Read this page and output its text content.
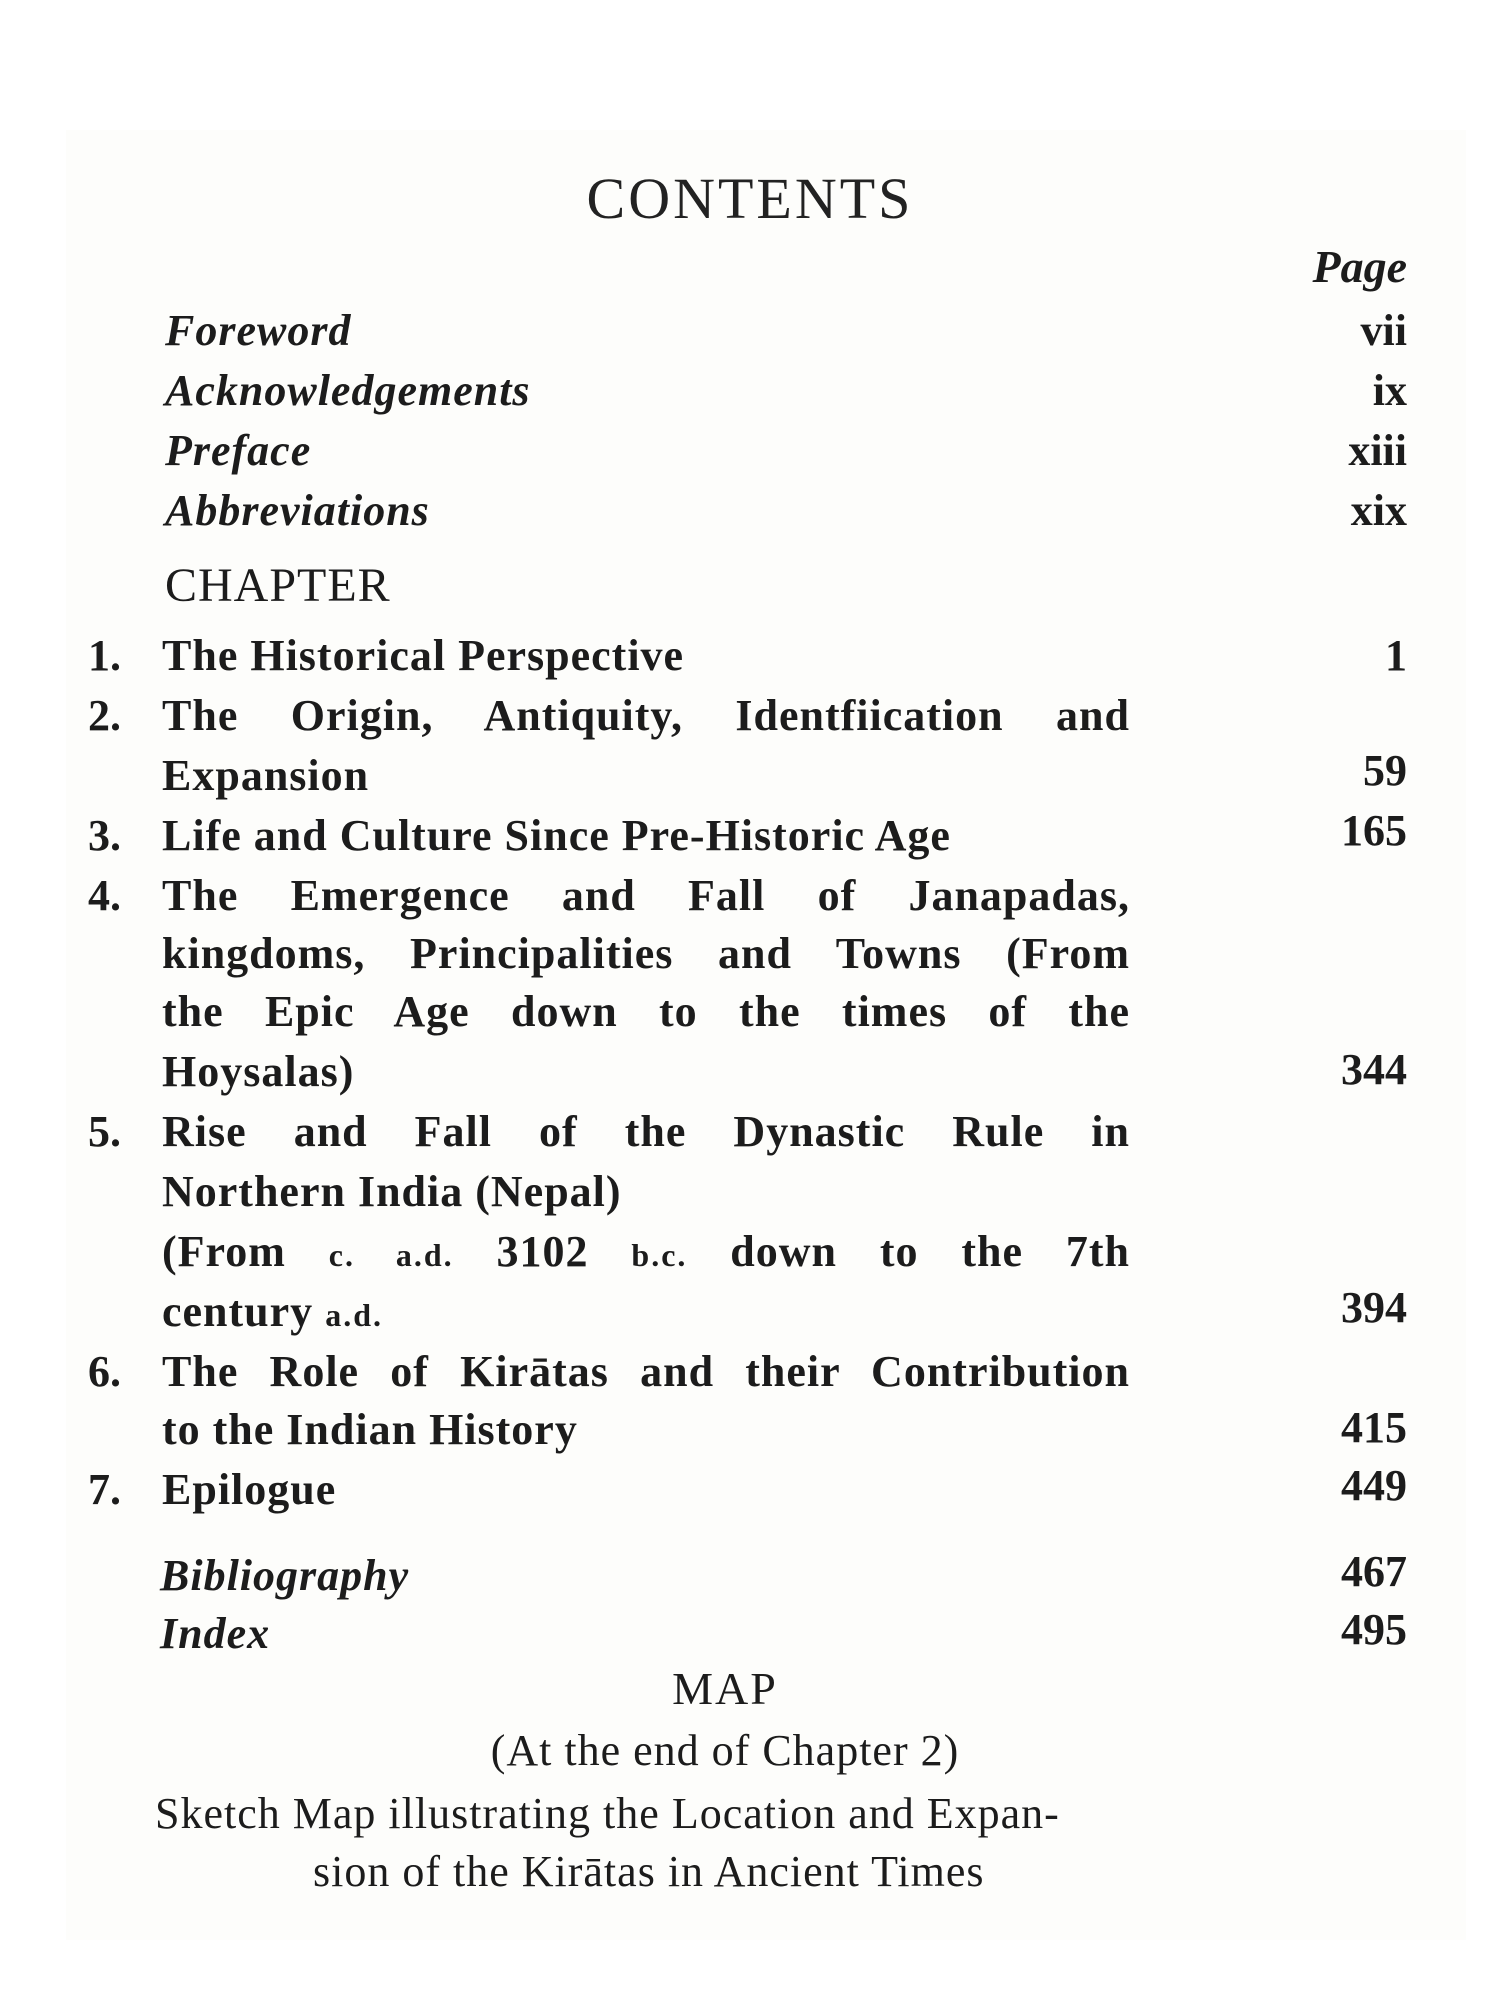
CONTENTS
Page
Foreword	vii
Acknowledgements	ix
Preface	xiii
Abbreviations	xix
CHAPTER
1. The Historical Perspective	1
2. The Origin, Antiquity, Identfiication and
Expansion	59
3. Life and Culture Since Pre-Historic Age	165
4. The Emergence and Fall of Janapadas,
kingdoms, Principalities and Towns (From
the Epic Age down to the times of the
Hoysalas)	344
5. Rise and Fall of the Dynastic Rule in
Northern India (Nepal)
(From c. a.d. 3102 b.c. down to the 7th
century a.d.	394
6. The Role of Kirātas and their Contribution
to the Indian History	415
7. Epilogue	449
Bibliography	467
Index	495
MAP
(At the end of Chapter 2)
Sketch Map illustrating the Location and Expan-
sion of the Kirātas in Ancient Times
